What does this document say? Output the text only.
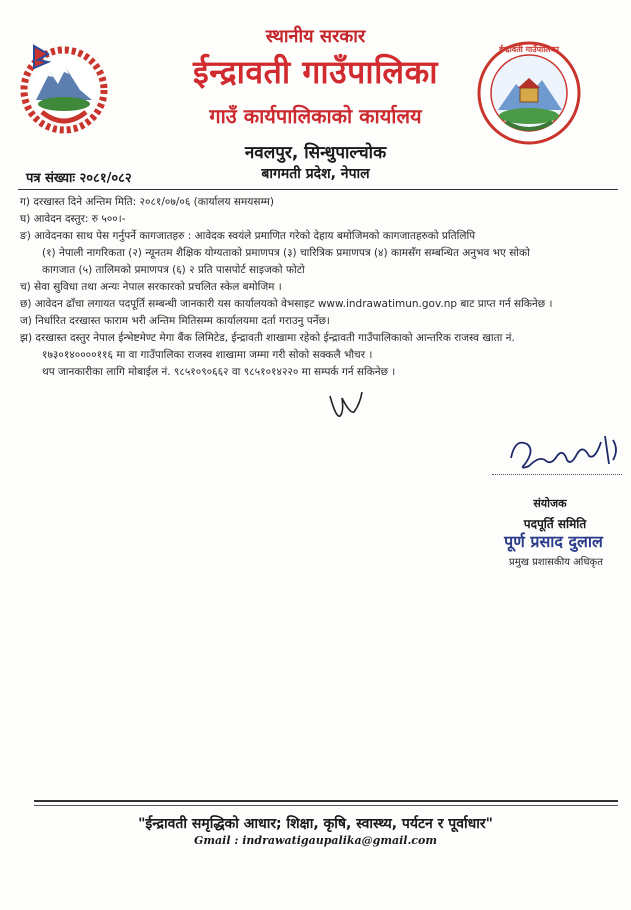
ईन्द्रावती गाउँपालिका
स्थानीय सरकार
ईन्द्रावती गाउँपालिका
गाउँ कार्यपालिकाको कार्यालय
नवलपुर, सिन्धुपाल्चोक
बागमती प्रदेश, नेपाल
पत्र संख्याः २०८१/०८२
ग) दरखास्त दिने अन्तिम मिति: २०८१/०७/०६ (कार्यालय समयसम्म)
घ) आवेदन दस्तुर: रु ५००।-
ङ) आवेदनका साथ पेस गर्नुपर्ने कागजातहरु : आवेदक स्वयंले प्रमाणित गरेको देहाय बमोजिमको कागजातहरुको प्रतिलिपि
(१) नेपाली नागरिकता (२) न्यूनतम शैक्षिक योग्यताको प्रमाणपत्र (३) चारित्रिक प्रमाणपत्र (४) कामसँग सम्बन्धित अनुभव भए सोको
कागजात (५) तालिमको प्रमाणपत्र (६) २ प्रति पासपोर्ट साइजको फोटो
च) सेवा सुविधा तथा अन्यः नेपाल सरकारको प्रचलित स्केल बमोजिम ।
छ) आवेदन ढाँचा लगायत पदपूर्ति सम्बन्धी जानकारी यस कार्यालयको वेभसाइट www.indrawatimun.gov.np बाट प्राप्त गर्न सकिनेछ ।
ज) निर्धारित दरखास्त फाराम भरी अन्तिम मितिसम्म कार्यालयमा दर्ता गराउनु पर्नेछ।
झ) दरखास्त दस्तुर नेपाल ईन्भेष्टमेण्ट मेगा बैंक लिमिटेड, ईन्द्रावती शाखामा रहेको ईन्द्रावती गाउँपालिकाको आन्तरिक राजस्व खाता नं.
१७३०१४००००११६ मा वा गाउँपालिका राजस्व शाखामा जम्मा गरी सोको सक्कलै भौचर ।
थप जानकारीका लागि मोबाईल नं. ९८५१०९०६६२ वा ९८५१०१४२२० मा सम्पर्क गर्न सकिनेछ ।
संयोजक
पदपूर्ति समिति
पूर्ण प्रसाद दुलाल
प्रमुख प्रशासकीय अधिकृत
"ईन्द्रावती समृद्धिको आधार; शिक्षा, कृषि, स्वास्थ्य, पर्यटन र पूर्वाधार"
Gmail : indrawatigaupalika@gmail.com
